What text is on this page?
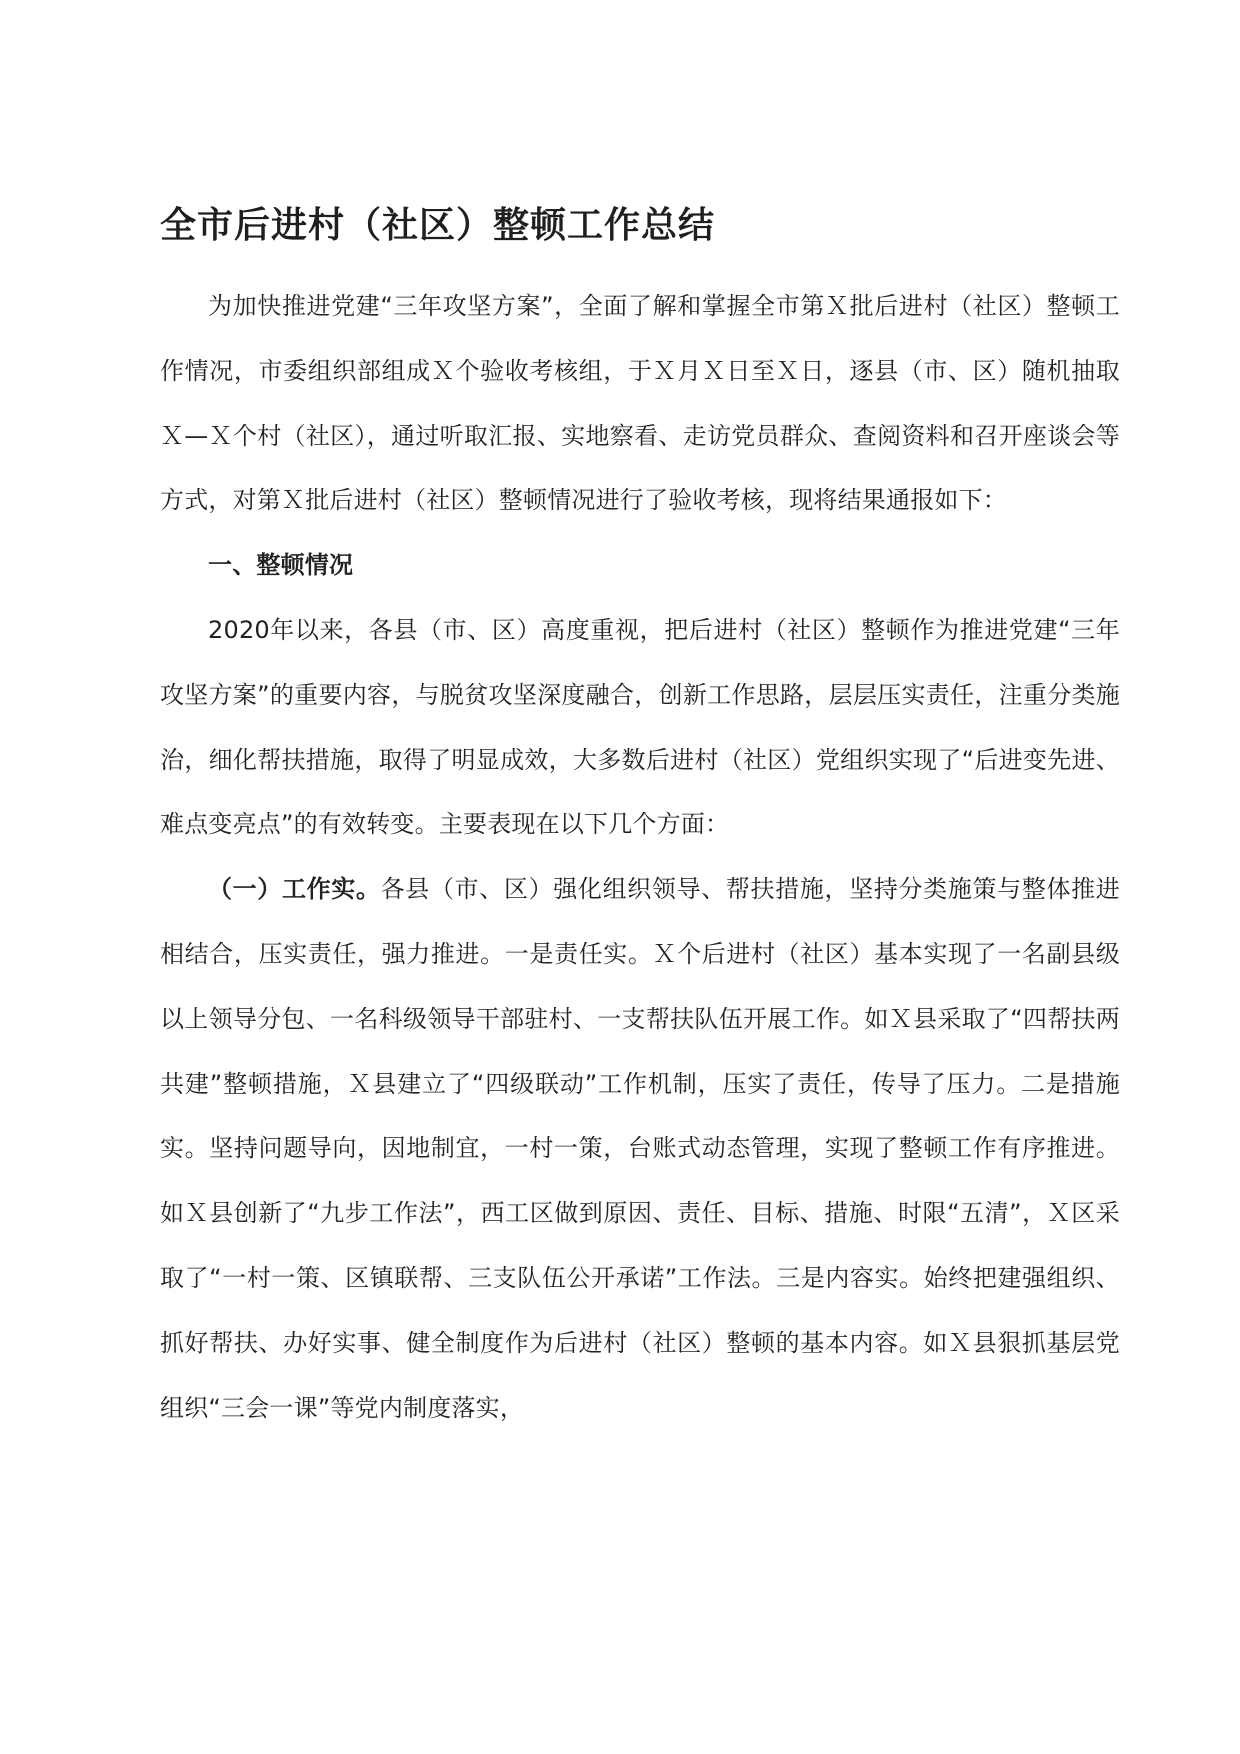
全市后进村（社区）整顿工作总结

为加快推进党建“三年攻坚方案”，全面了解和掌握全市第Ｘ批后进村（社区）整顿工作情况，市委组织部组成Ｘ个验收考核组，于Ｘ月Ｘ日至Ｘ日，逐县（市、区）随机抽取Ｘ—Ｘ个村（社区），通过听取汇报、实地察看、走访党员群众、查阅资料和召开座谈会等方式，对第Ｘ批后进村（社区）整顿情况进行了验收考核，现将结果通报如下：

一、整顿情况

2020年以来，各县（市、区）高度重视，把后进村（社区）整顿作为推进党建“三年攻坚方案”的重要内容，与脱贫攻坚深度融合，创新工作思路，层层压实责任，注重分类施治，细化帮扶措施，取得了明显成效，大多数后进村（社区）党组织实现了“后进变先进、难点变亮点”的有效转变。主要表现在以下几个方面：

（一）工作实。各县（市、区）强化组织领导、帮扶措施，坚持分类施策与整体推进相结合，压实责任，强力推进。一是责任实。Ｘ个后进村（社区）基本实现了一名副县级以上领导分包、一名科级领导干部驻村、一支帮扶队伍开展工作。如Ｘ县采取了“四帮扶两共建”整顿措施，Ｘ县建立了“四级联动”工作机制，压实了责任，传导了压力。二是措施实。坚持问题导向，因地制宜，一村一策，台账式动态管理，实现了整顿工作有序推进。如Ｘ县创新了“九步工作法”，西工区做到原因、责任、目标、措施、时限“五清”，Ｘ区采取了“一村一策、区镇联帮、三支队伍公开承诺”工作法。三是内容实。始终把建强组织、抓好帮扶、办好实事、健全制度作为后进村（社区）整顿的基本内容。如Ｘ县狠抓基层党组织“三会一课”等党内制度落实，
